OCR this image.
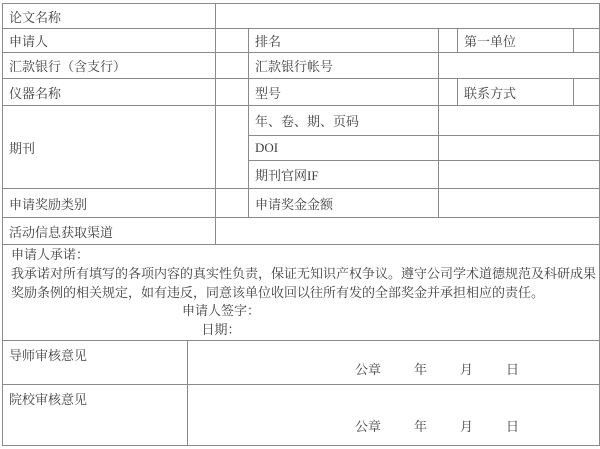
论文名称
申请人	排名	第一单位
汇款银行（含支行）	汇款银行帐号
仪器名称	型号	联系方式
期刊
年、卷、期、页码
DOI
期刊官网IF
申请奖励类别	申请奖金金额
活动信息获取渠道
申请人承诺：
我承诺对所有填写的各项内容的真实性负责，保证无知识产权争议。遵守公司学术道德规范及科研成果奖励条例的相关规定，如有违反，同意该单位收回以往所有发的全部奖金并承担相应的责任。
申请人签字：
日期：
导师审核意见
公章	年	月	日
院校审核意见
公章	年	月	日
